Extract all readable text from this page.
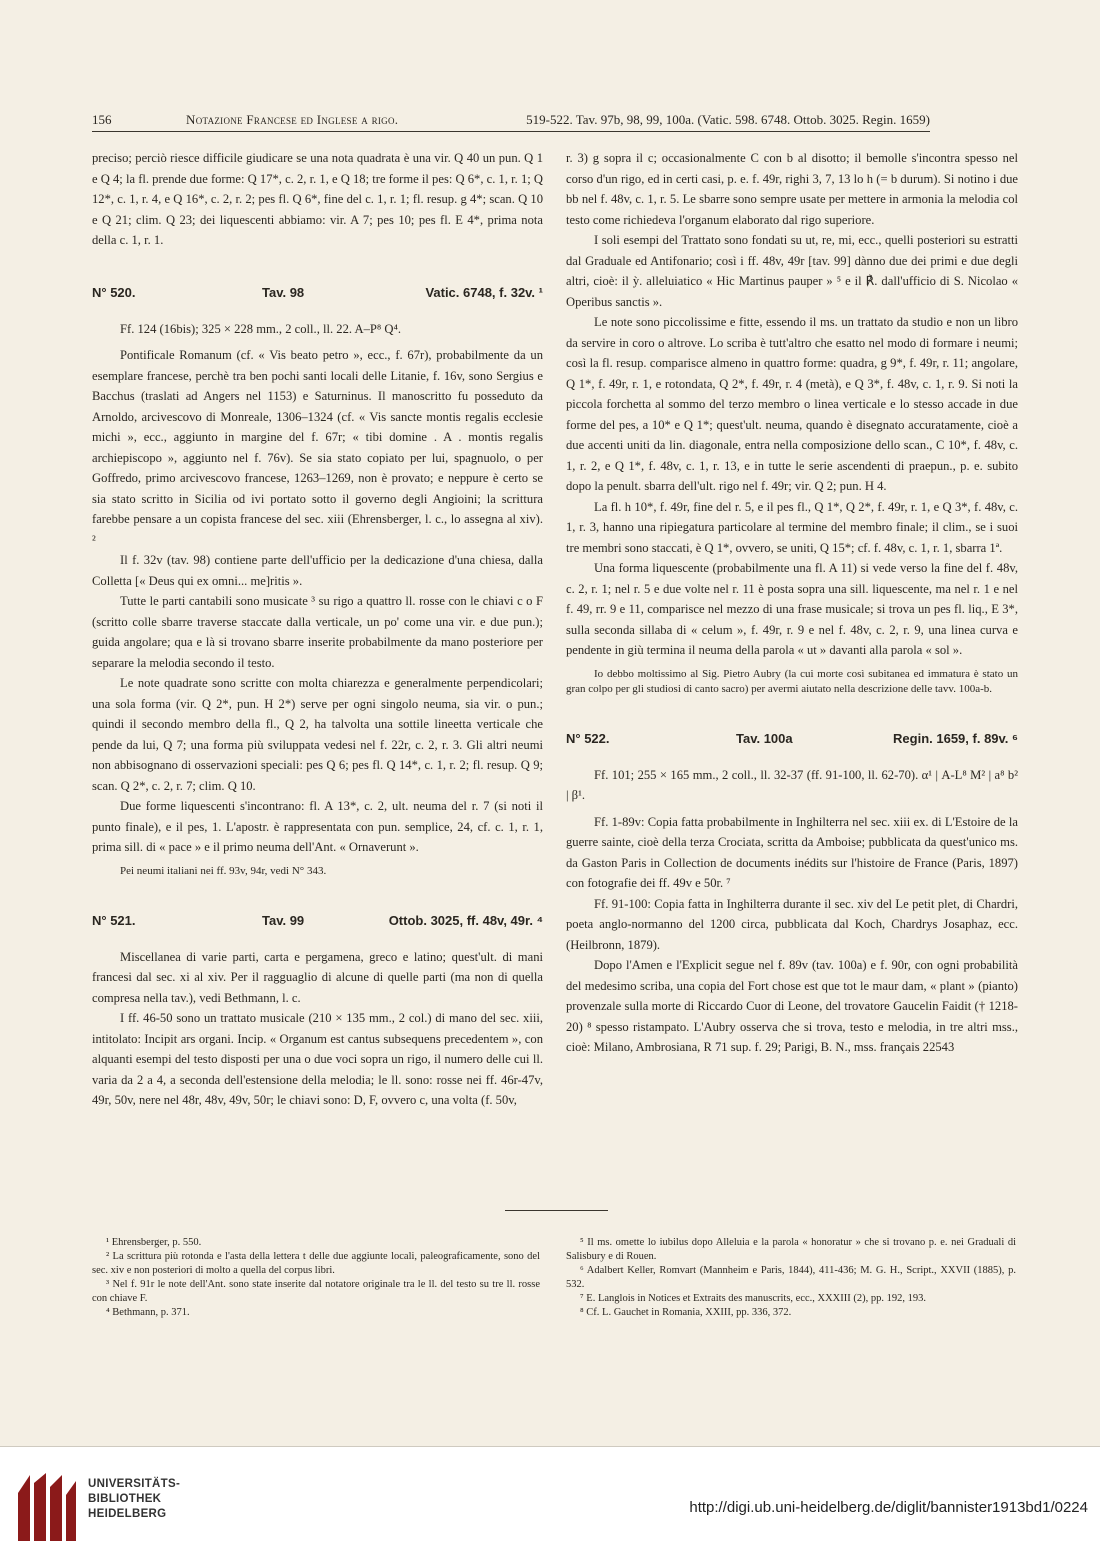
156	Notazione Francese ed Inglese a rigo.	519-522. Tav. 97b, 98, 99, 100a. (Vatic. 598. 6748. Ottob. 3025. Regin. 1659)

preciso; perciò riesce difficile giudicare se una nota quadrata è una vir. Q 40 un pun. Q 1 e Q 4; la fl. prende due forme: Q 17*, c. 2, r. 1, e Q 18; tre forme il pes: Q 6*, c. 1, r. 1; Q 12*, c. 1, r. 4, e Q 16*, c. 2, r. 2; pes fl. Q 6*, fine del c. 1, r. 1; fl. resup. g 4*; scan. Q 10 e Q 21; clim. Q 23; dei liquescenti abbiamo: vir. A 7; pes 10; pes fl. E 4*, prima nota della c. 1, r. 1.

N° 520.	Tav. 98	Vatic. 6748, f. 32v. ¹

Ff. 124 (16bis); 325 × 228 mm., 2 coll., ll. 22. A–P⁸ Q⁴.

Pontificale Romanum (cf. « Vis beato petro », ecc., f. 67r), probabilmente da un esemplare francese, perchè tra ben pochi santi locali delle Litanie, f. 16v, sono Sergius e Bacchus (traslati ad Angers nel 1153) e Saturninus. Il manoscritto fu posseduto da Arnoldo, arcivescovo di Monreale, 1306–1324 (cf. « Vis sancte montis regalis ecclesie michi », ecc., aggiunto in margine del f. 67r; « tibi domine . A . montis regalis archiepiscopo », aggiunto nel f. 76v). Se sia stato copiato per lui, spagnuolo, o per Goffredo, primo arcivescovo francese, 1263–1269, non è provato; e neppure è certo se sia stato scritto in Sicilia od ivi portato sotto il governo degli Angioini; la scrittura farebbe pensare a un copista francese del sec. xiii (Ehrensberger, l. c., lo assegna al xiv). ²

Il f. 32v (tav. 98) contiene parte dell'ufficio per la dedicazione d'una chiesa, dalla Colletta [« Deus qui ex omni... me]ritis ».

Tutte le parti cantabili sono musicate ³ su rigo a quattro ll. rosse con le chiavi c o F (scritto colle sbarre traverse staccate dalla verticale, un po' come una vir. e due pun.); guida angolare; qua e là si trovano sbarre inserite probabilmente da mano posteriore per separare la melodia secondo il testo.

Le note quadrate sono scritte con molta chiarezza e generalmente perpendicolari; una sola forma (vir. Q 2*, pun. H 2*) serve per ogni singolo neuma, sia vir. o pun.; quindi il secondo membro della fl., Q 2, ha talvolta una sottile lineetta verticale che pende da lui, Q 7; una forma più sviluppata vedesi nel f. 22r, c. 2, r. 3. Gli altri neumi non abbisognano di osservazioni speciali: pes Q 6; pes fl. Q 14*, c. 1, r. 2; fl. resup. Q 9; scan. Q 2*, c. 2, r. 7; clim. Q 10.

Due forme liquescenti s'incontrano: fl. A 13*, c. 2, ult. neuma del r. 7 (si noti il punto finale), e il pes, 1. L'apostr. è rappresentata con pun. semplice, 24, cf. c. 1, r. 1, prima sill. di « pace » e il primo neuma dell'Ant. « Ornaverunt ».

Pei neumi italiani nei ff. 93v, 94r, vedi N° 343.

N° 521.	Tav. 99	Ottob. 3025, ff. 48v, 49r. ⁴

Miscellanea di varie parti, carta e pergamena, greco e latino; quest'ult. di mani francesi dal sec. xi al xiv. Per il ragguaglio di alcune di quelle parti (ma non di quella compresa nella tav.), vedi Bethmann, l. c.

I ff. 46-50 sono un trattato musicale (210 × 135 mm., 2 col.) di mano del sec. xiii, intitolato: Incipit ars organi. Incip. « Organum est cantus subsequens precedentem », con alquanti esempi del testo disposti per una o due voci sopra un rigo, il numero delle cui ll. varia da 2 a 4, a seconda dell'estensione della melodia; le ll. sono: rosse nei ff. 46r-47v, 49r, 50v, nere nel 48r, 48v, 49v, 50r; le chiavi sono: D, F, ovvero c, una volta (f. 50v,

r. 3) g sopra il c; occasionalmente C con b al disotto; il bemolle s'incontra spesso nel corso d'un rigo, ed in certi casi, p. e. f. 49r, righi 3, 7, 13 lo h (= b durum). Si notino i due bb nel f. 48v, c. 1, r. 5. Le sbarre sono sempre usate per mettere in armonia la melodia col testo come richiedeva l'organum elaborato dal rigo superiore.

I soli esempi del Trattato sono fondati su ut, re, mi, ecc., quelli posteriori su estratti dal Graduale ed Antifonario; così i ff. 48v, 49r [tav. 99] dànno due dei primi e due degli altri, cioè: il ỳ. alleluiatico « Hic Martinus pauper » ⁵ e il ℟. dall'ufficio di S. Nicolao « Operibus sanctis ».

Le note sono piccolissime e fitte, essendo il ms. un trattato da studio e non un libro da servire in coro o altrove. Lo scriba è tutt'altro che esatto nel modo di formare i neumi; così la fl. resup. comparisce almeno in quattro forme: quadra, g 9*, f. 49r, r. 11; angolare, Q 1*, f. 49r, r. 1, e rotondata, Q 2*, f. 49r, r. 4 (metà), e Q 3*, f. 48v, c. 1, r. 9. Si noti la piccola forchetta al sommo del terzo membro o linea verticale e lo stesso accade in due forme del pes, a 10* e Q 1*; quest'ult. neuma, quando è disegnato accuratamente, cioè a due accenti uniti da lin. diagonale, entra nella composizione dello scan., C 10*, f. 48v, c. 1, r. 2, e Q 1*, f. 48v, c. 1, r. 13, e in tutte le serie ascendenti di praepun., p. e. subito dopo la penult. sbarra dell'ult. rigo nel f. 49r; vir. Q 2; pun. H 4.

La fl. h 10*, f. 49r, fine del r. 5, e il pes fl., Q 1*, Q 2*, f. 49r, r. 1, e Q 3*, f. 48v, c. 1, r. 3, hanno una ripiegatura particolare al termine del membro finale; il clim., se i suoi tre membri sono staccati, è Q 1*, ovvero, se uniti, Q 15*; cf. f. 48v, c. 1, r. 1, sbarra 1ª.

Una forma liquescente (probabilmente una fl. A 11) si vede verso la fine del f. 48v, c. 2, r. 1; nel r. 5 e due volte nel r. 11 è posta sopra una sill. liquescente, ma nel r. 1 e nel f. 49, rr. 9 e 11, comparisce nel mezzo di una frase musicale; si trova un pes fl. liq., E 3*, sulla seconda sillaba di « celum », f. 49r, r. 9 e nel f. 48v, c. 2, r. 9, una linea curva e pendente in giù termina il neuma della parola « ut » davanti alla parola « sol ».

Io debbo moltissimo al Sig. Pietro Aubry (la cui morte così subitanea ed immatura è stato un gran colpo per gli studiosi di canto sacro) per avermi aiutato nella descrizione delle tavv. 100a-b.

N° 522.	Tav. 100a	Regin. 1659, f. 89v. ⁶

Ff. 101; 255 × 165 mm., 2 coll., ll. 32-37 (ff. 91-100, ll. 62-70). α¹ | A-L⁸ M² | a⁸ b² | β¹.

Ff. 1-89v: Copia fatta probabilmente in Inghilterra nel sec. xiii ex. di L'Estoire de la guerre sainte, cioè della terza Crociata, scritta da Amboise; pubblicata da quest'unico ms. da Gaston Paris in Collection de documents inédits sur l'histoire de France (Paris, 1897) con fotografie dei ff. 49v e 50r. ⁷

Ff. 91-100: Copia fatta in Inghilterra durante il sec. xiv del Le petit plet, di Chardri, poeta anglo-normanno del 1200 circa, pubblicata dal Koch, Chardrys Josaphaz, ecc. (Heilbronn, 1879).

Dopo l'Amen e l'Explicit segue nel f. 89v (tav. 100a) e f. 90r, con ogni probabilità del medesimo scriba, una copia del Fort chose est que tot le maur dam, « plant » (pianto) provenzale sulla morte di Riccardo Cuor di Leone, del trovatore Gaucelin Faidit († 1218-20) ⁸ spesso ristampato. L'Aubry osserva che si trova, testo e melodia, in tre altri mss., cioè: Milano, Ambrosiana, R 71 sup. f. 29; Parigi, B. N., mss. français 22543

¹ Ehrensberger, p. 550.
² La scrittura più rotonda e l'asta della lettera t delle due aggiunte locali, paleograficamente, sono del sec. xiv e non posteriori di molto a quella del corpus libri.
³ Nel f. 91r le note dell'Ant. sono state inserite dal notatore originale tra le ll. del testo su tre ll. rosse con chiave F.
⁴ Bethmann, p. 371.
⁵ Il ms. omette lo iubilus dopo Alleluia e la parola « honoratur » che si trovano p. e. nei Graduali di Salisbury e di Rouen.
⁶ Adalbert Keller, Romvart (Mannheim e Paris, 1844), 411-436; M. G. H., Script., XXVII (1885), p. 532.
⁷ E. Langlois in Notices et Extraits des manuscrits, ecc., XXXIII (2), pp. 192, 193.
⁸ Cf. L. Gauchet in Romania, XXIII, pp. 336, 372.
UNIVERSITÄTS-
BIBLIOTHEK
HEIDELBERG	http://digi.ub.uni-heidelberg.de/diglit/bannister1913bd1/0224
